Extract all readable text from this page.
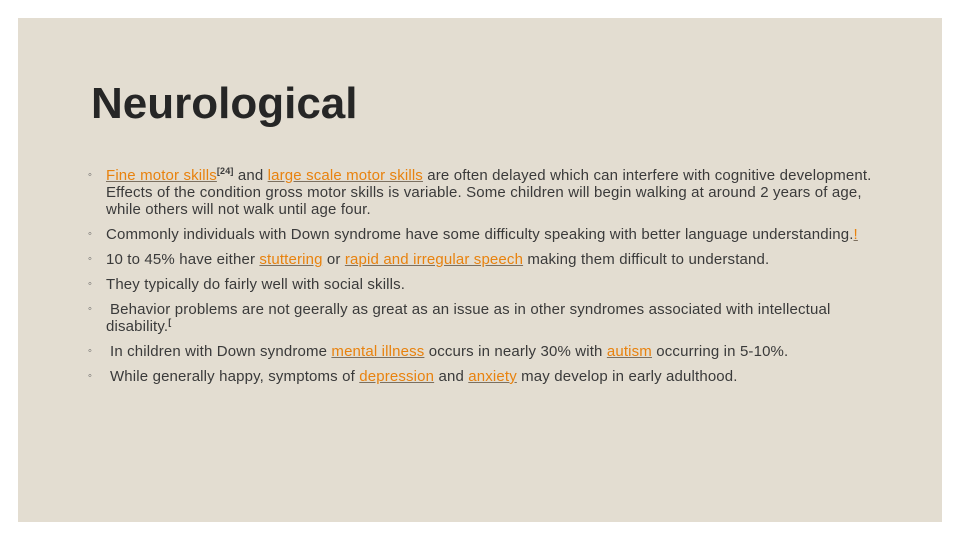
Neurological
◦ Fine motor skills[24] and large scale motor skills are often delayed which can interfere with cognitive development. Effects of the condition gross motor skills is variable. Some children will begin walking at around 2 years of age, while others will not walk until age four.
◦ Commonly individuals with Down syndrome have some difficulty speaking with better language understanding.!
◦ 10 to 45% have either stuttering or rapid and irregular speech making them difficult to understand.
◦ They typically do fairly well with social skills.
◦ Behavior problems are not geerally as great as an issue as in other syndromes associated with intellectual disability.[
◦ In children with Down syndrome mental illness occurs in nearly 30% with autism occurring in 5-10%.
◦ While generally happy, symptoms of depression and anxiety may develop in early adulthood.
